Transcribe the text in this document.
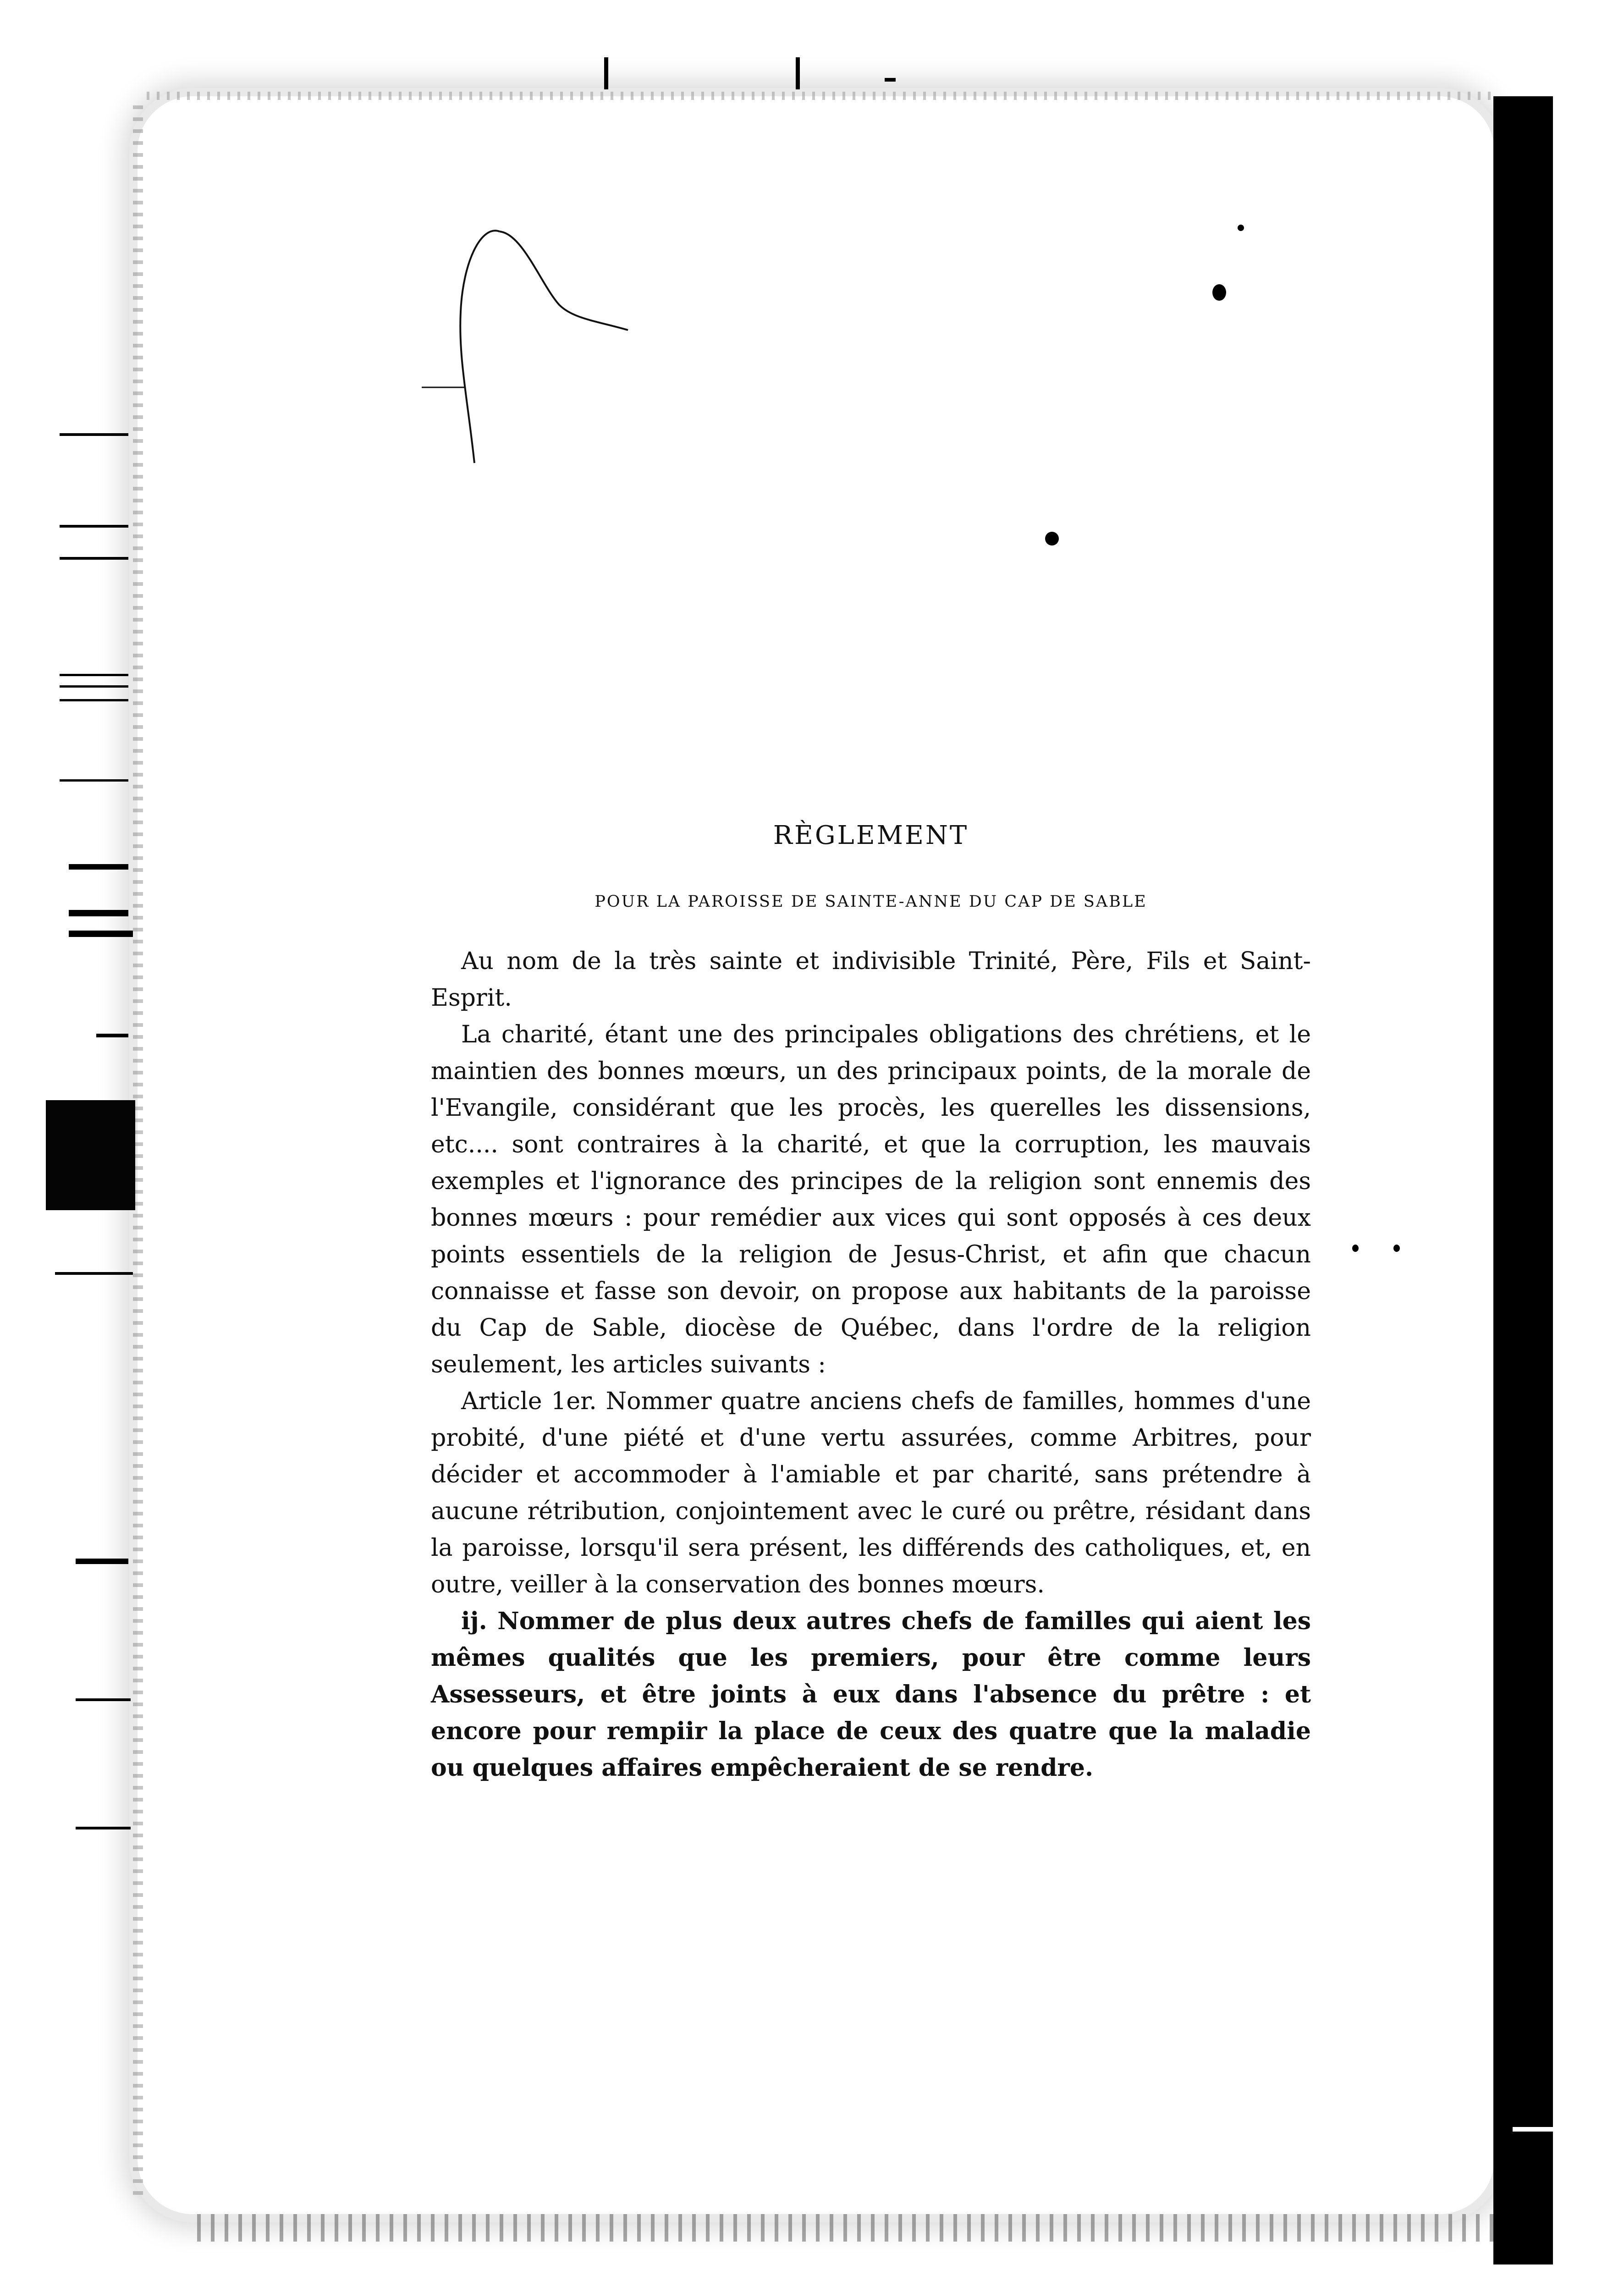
RÈGLEMENT
POUR LA PAROISSE DE SAINTE-ANNE DU CAP DE SABLE

Au nom de la très sainte et indivisible Trinité, Père, Fils et Saint-Esprit.

La charité, étant une des principales obligations des chrétiens, et le maintien des bonnes mœurs, un des principaux points, de la morale de l'Evangile, considérant que les procès, les querelles les dissensions, etc.... sont contraires à la charité, et que la corruption, les mauvais exemples et l'ignorance des principes de la religion sont ennemis des bonnes mœurs : pour remédier aux vices qui sont opposés à ces deux points essentiels de la religion de Jesus-Christ, et afin que chacun connaisse et fasse son devoir, on propose aux habitants de la paroisse du Cap de Sable, diocèse de Québec, dans l'ordre de la religion seulement, les articles suivants :

Article 1er. Nommer quatre anciens chefs de familles, hommes d'une probité, d'une piété et d'une vertu assurées, comme Arbitres, pour décider et accommoder à l'amiable et par charité, sans prétendre à aucune rétribution, conjointement avec le curé ou prêtre, résidant dans la paroisse, lorsqu'il sera présent, les différends des catholiques, et, en outre, veiller à la conservation des bonnes mœurs.

ij. Nommer de plus deux autres chefs de familles qui aient les mêmes qualités que les premiers, pour être comme leurs Assesseurs, et être joints à eux dans l'absence du prêtre : et encore pour rempiir la place de ceux des quatre que la maladie ou quelques affaires empêcheraient de se rendre.
